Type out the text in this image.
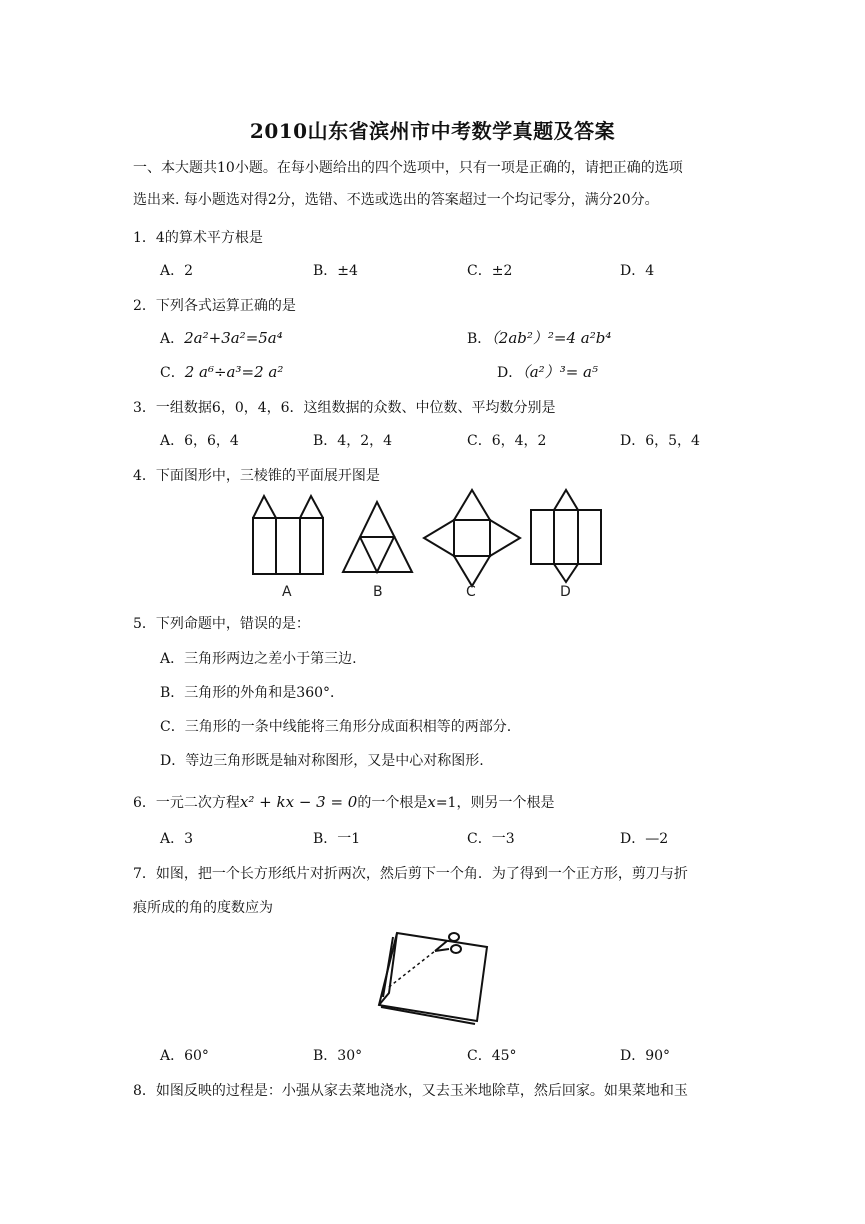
2010山东省滨州市中考数学真题及答案
一、本大题共10小题。在每小题给出的四个选项中，只有一项是正确的，请把正确的选项
选出来. 每小题选对得2分，选错、不选或选出的答案超过一个均记零分，满分20分。
1．4的算术平方根是
A．2	B．±4	C．±2	D．4
2．下列各式运算正确的是
A．2a²+3a²=5a⁴	B．（2ab²）²=4 a²b⁴
C．2 a⁶÷a³=2 a²	D．（a²）³= a⁵
3．一组数据6，0，4，6．这组数据的众数、中位数、平均数分别是
A．6，6，4	B．4，2，4	C．6，4，2	D．6，5，4
4．下面图形中，三棱锥的平面展开图是
A	B	C	D
5．下列命题中，错误的是：
A．三角形两边之差小于第三边.
B．三角形的外角和是360°．
C．三角形的一条中线能将三角形分成面积相等的两部分.
D．等边三角形既是轴对称图形，又是中心对称图形.
6．一元二次方程x² + kx − 3 = 0的一个根是x=1，则另一个根是
A．3	B．一1	C．一3	D．—2
7．如图，把一个长方形纸片对折两次，然后剪下一个角．为了得到一个正方形，剪刀与折
痕所成的角的度数应为
A．60°	B．30°	C．45°	D．90°
8．如图反映的过程是：小强从家去菜地浇水，又去玉米地除草，然后回家。如果菜地和玉
